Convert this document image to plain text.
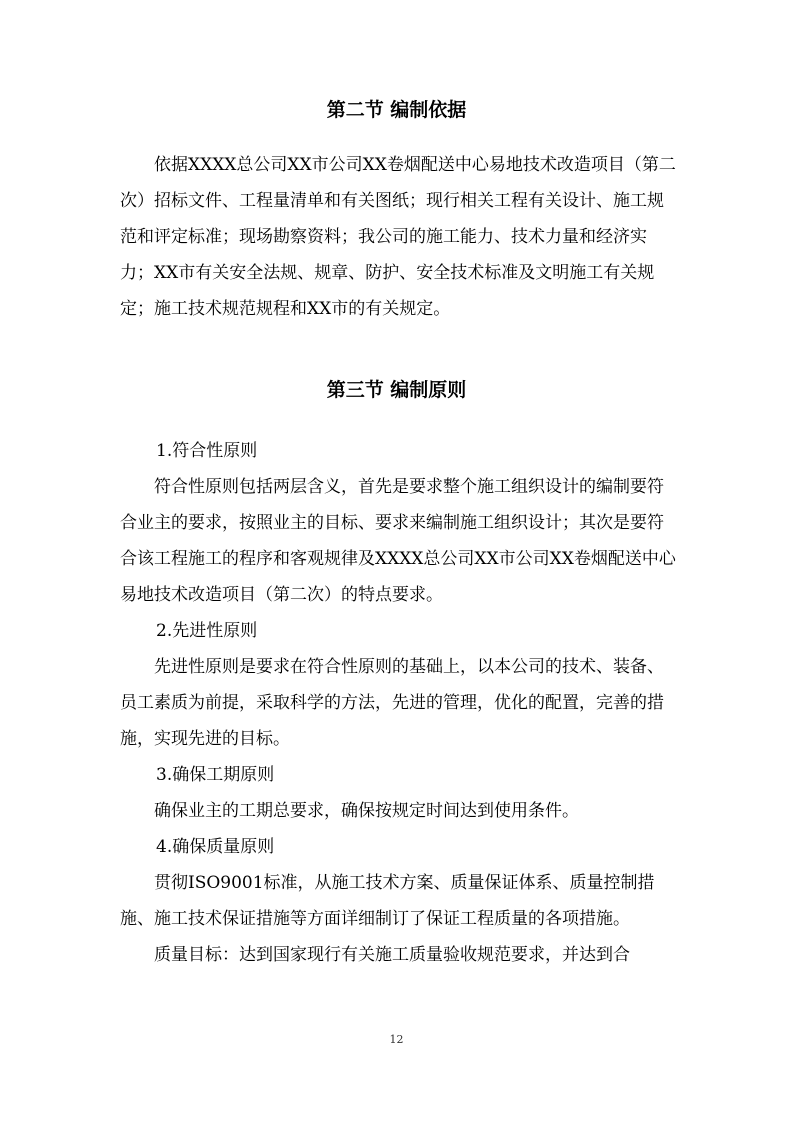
第二节 编制依据

依据XXXX总公司XX市公司XX卷烟配送中心易地技术改造项目（第二次）招标文件、工程量清单和有关图纸；现行相关工程有关设计、施工规范和评定标准；现场勘察资料；我公司的施工能力、技术力量和经济实力；XX市有关安全法规、规章、防护、安全技术标准及文明施工有关规定；施工技术规范规程和XX市的有关规定。

第三节 编制原则

1.符合性原则

符合性原则包括两层含义，首先是要求整个施工组织设计的编制要符合业主的要求，按照业主的目标、要求来编制施工组织设计；其次是要符合该工程施工的程序和客观规律及XXXX总公司XX市公司XX卷烟配送中心易地技术改造项目（第二次）的特点要求。

2.先进性原则

先进性原则是要求在符合性原则的基础上，以本公司的技术、装备、员工素质为前提，采取科学的方法，先进的管理，优化的配置，完善的措施，实现先进的目标。

3.确保工期原则

确保业主的工期总要求，确保按规定时间达到使用条件。

4.确保质量原则

贯彻ISO9001标准，从施工技术方案、质量保证体系、质量控制措施、施工技术保证措施等方面详细制订了保证工程质量的各项措施。

质量目标：达到国家现行有关施工质量验收规范要求，并达到合

12
